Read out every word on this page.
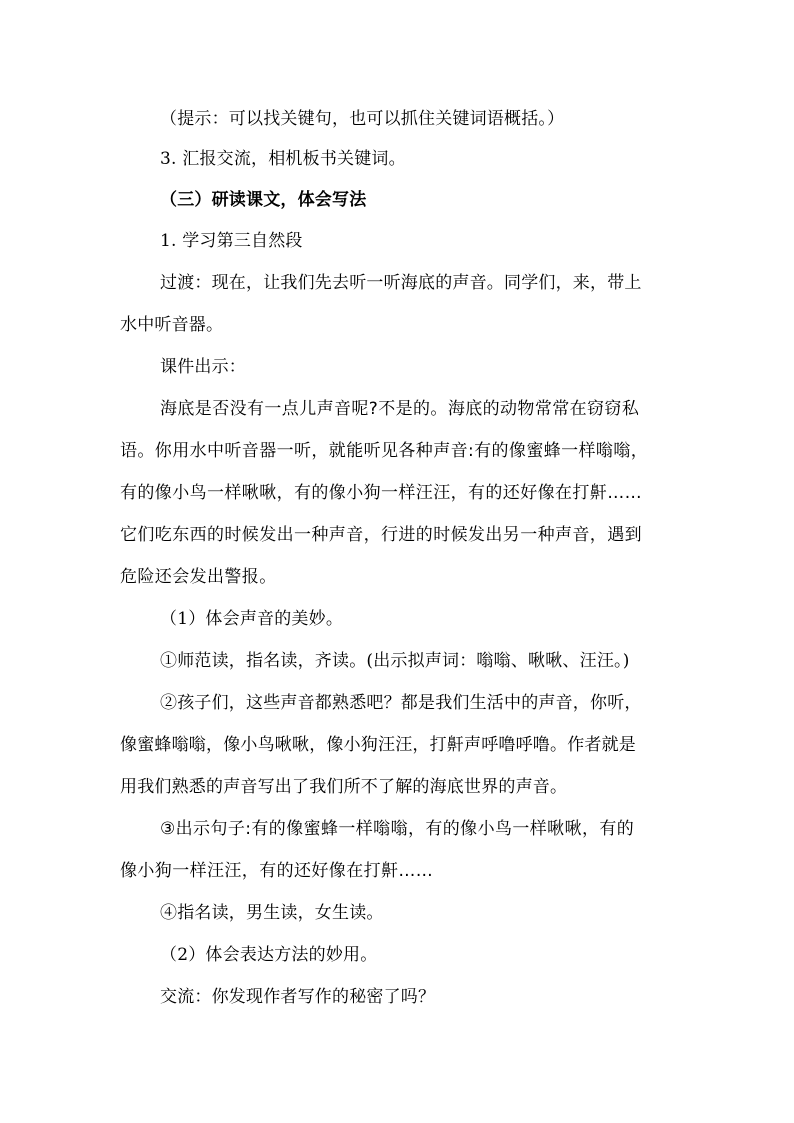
（提示：可以找关键句，也可以抓住关键词语概括。）
3. 汇报交流，相机板书关键词。
（三）研读课文，体会写法
1. 学习第三自然段
过渡：现在，让我们先去听一听海底的声音。同学们，来，带上
水中听音器。
课件出示：
海底是否没有一点儿声音呢?不是的。海底的动物常常在窃窃私
语。你用水中听音器一听，就能听见各种声音:有的像蜜蜂一样嗡嗡，
有的像小鸟一样啾啾，有的像小狗一样汪汪，有的还好像在打鼾……
它们吃东西的时候发出一种声音，行进的时候发出另一种声音，遇到
危险还会发出警报。
（1）体会声音的美妙。
①师范读，指名读，齐读。(出示拟声词：嗡嗡、啾啾、汪汪。)
②孩子们，这些声音都熟悉吧？都是我们生活中的声音，你听，
像蜜蜂嗡嗡，像小鸟啾啾，像小狗汪汪，打鼾声呼噜呼噜。作者就是
用我们熟悉的声音写出了我们所不了解的海底世界的声音。
③出示句子:有的像蜜蜂一样嗡嗡，有的像小鸟一样啾啾，有的
像小狗一样汪汪，有的还好像在打鼾……
④指名读，男生读，女生读。
（2）体会表达方法的妙用。
交流：你发现作者写作的秘密了吗？
